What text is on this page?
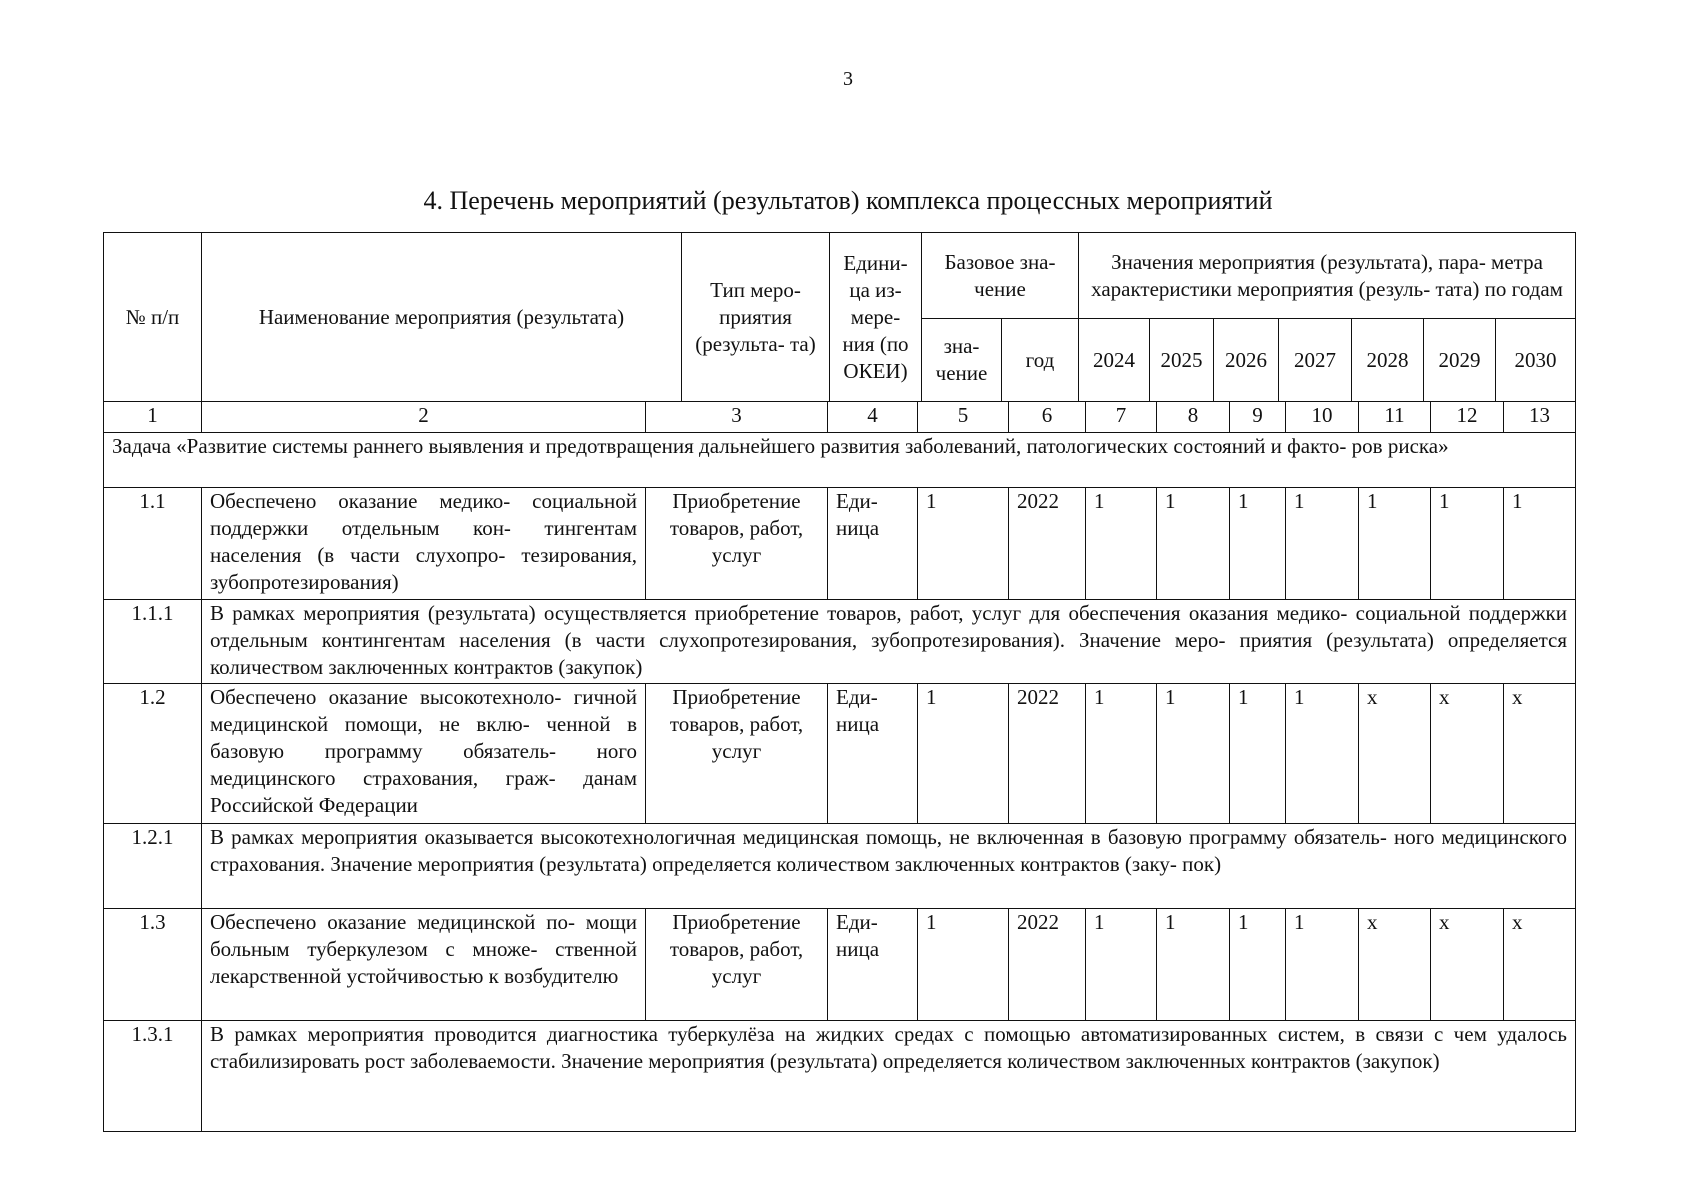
3
4. Перечень мероприятий (результатов) комплекса процессных мероприятий
№ п/п	Наименование мероприятия (результата)	Тип меро- приятия (результа- та)	Едини- ца из- мере- ния (по ОКЕИ)	Базовое зна- чение		Значения мероприятия (результата), пара- метра характеристики мероприятия (резуль- тата) по годам						
				зна- чение	год	2024	2025	2026	2027	2028	2029	2030
1	2	3	4	5	6	7	8	9	10	11	12	13
Задача «Развитие системы раннего выявления и предотвращения дальнейшего развития заболеваний, патологических состояний и факто- ров риска»												
1.1	Обеспечено оказание медико- социальной поддержки отдельным кон- тингентам населения (в части слухопро- тезирования, зубопротезирования)	Приобретение товаров, работ, услуг	Еди- ница	1	2022	1	1	1	1	1	1	1
1.1.1	В рамках мероприятия (результата) осуществляется приобретение товаров, работ, услуг для обеспечения оказания медико- социальной поддержки отдельным контингентам населения (в части слухопротезирования, зубопротезирования). Значение меро- приятия (результата) определяется количеством заключенных контрактов (закупок)											
1.2	Обеспечено оказание высокотехноло- гичной медицинской помощи, не вклю- ченной в базовую программу обязатель- ного медицинского страхования, граж- данам Российской Федерации	Приобретение товаров, работ, услуг	Еди- ница	1	2022	1	1	1	1	х	х	х
1.2.1	В рамках мероприятия оказывается высокотехнологичная медицинская помощь, не включенная в базовую программу обязатель- ного медицинского страхования. Значение мероприятия (результата) определяется количеством заключенных контрактов (заку- пок)											
1.3	Обеспечено оказание медицинской по- мощи больным туберкулезом с множе- ственной лекарственной устойчивостью к возбудителю	Приобретение товаров, работ, услуг	Еди- ница	1	2022	1	1	1	1	х	х	х
1.3.1	В рамках мероприятия проводится диагностика туберкулёза на жидких средах с помощью автоматизированных систем, в связи с чем удалось стабилизировать рост заболеваемости. Значение мероприятия (результата) определяется количеством заключенных контрактов (закупок)											
